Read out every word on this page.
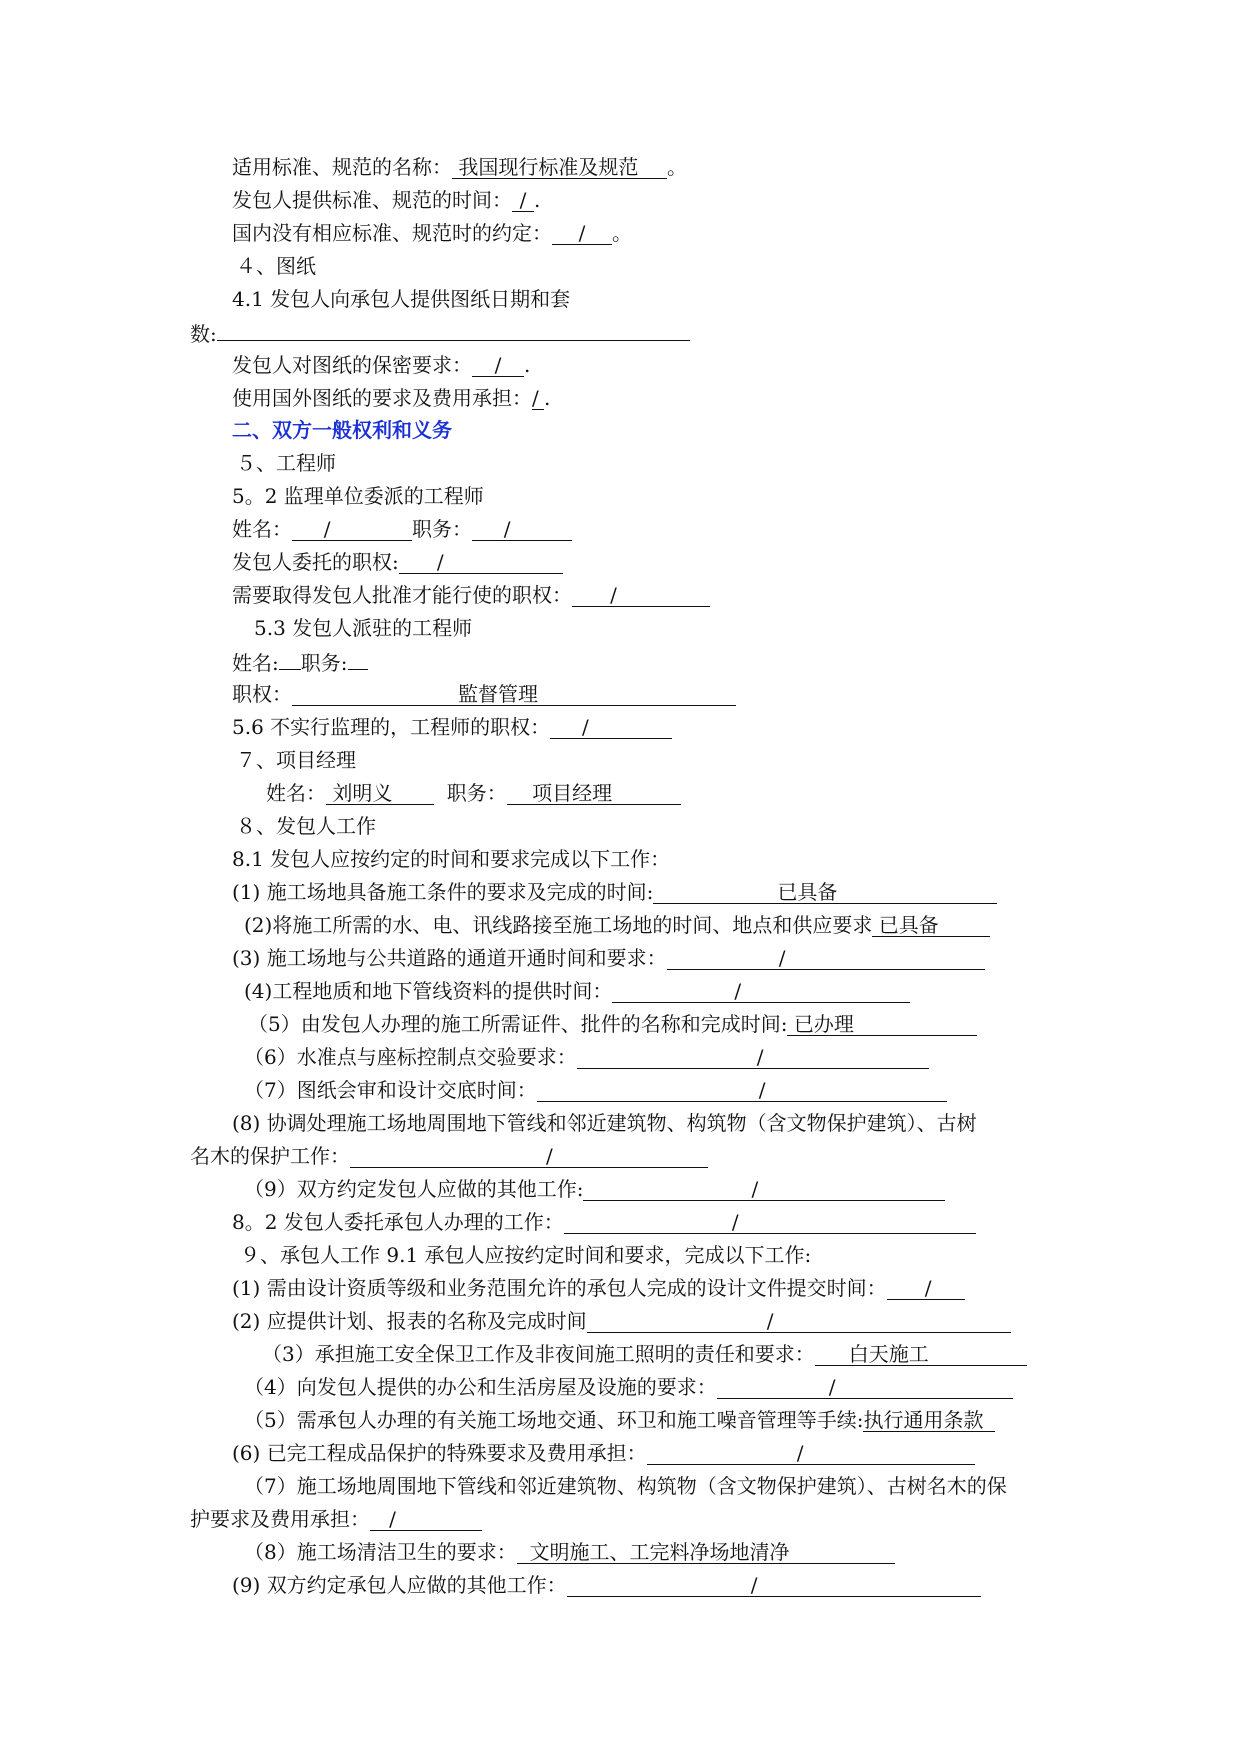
适用标准、规范的名称： 我国现行标准及规范 。
发包人提供标准、规范的时间： / .
国内没有相应标准、规范时的约定：  /  。
４、图纸
4.1 发包人向承包人提供图纸日期和套
数:
发包人对图纸的保密要求： / .
使用国外图纸的要求及费用承担：/ .
二、双方一般权利和义务
５、工程师
5。2 监理单位委派的工程师
姓名：     /	职务：     /
发包人委托的职权:      /
需要取得发包人批准才能行使的职权：      /
5.3 发包人派驻的工程师
姓名: 职务:
职权：	監督管理
5.6 不实行监理的，工程师的职权：     /
７、项目经理
姓名： 刘明义	职务：    项目经理
８、发包人工作
8.1 发包人应按约定的时间和要求完成以下工作：
(1) 施工场地具备施工条件的要求及完成的时间:	已具备
(2)将施工所需的水、电、讯线路接至施工场地的时间、地点和供应要求 已具备
(3) 施工场地与公共道路的通道开通时间和要求：	/
(4)工程地质和地下管线资料的提供时间：	/
（5）由发包人办理的施工所需证件、批件的名称和完成时间: 已办理
（6）水准点与座标控制点交验要求：	/
（7）图纸会审和设计交底时间：	/
(8) 协调处理施工场地周围地下管线和邻近建筑物、构筑物（含文物保护建筑）、古树
名木的保护工作：	/
（9）双方约定发包人应做的其他工作:	/
8。2 发包人委托承包人办理的工作：	/
９、承包人工作 9.1 承包人应按约定时间和要求，完成以下工作:
(1) 需由设计资质等级和业务范围允许的承包人完成的设计文件提交时间： /
(2) 应提供计划、报表的名称及完成时间	/
（3）承担施工安全保卫工作及非夜间施工照明的责任和要求： 白天施工
（4）向发包人提供的办公和生活房屋及设施的要求：	/
（5）需承包人办理的有关施工场地交通、环卫和施工噪音管理等手续:执行通用条款
(6) 已完工程成品保护的特殊要求及费用承担：	/
（7）施工场地周围地下管线和邻近建筑物、构筑物（含文物保护建筑）、古树名木的保
护要求及费用承担：   /
（8）施工场清洁卫生的要求：  文明施工、工完料净场地清净
(9) 双方约定承包人应做的其他工作：	/
